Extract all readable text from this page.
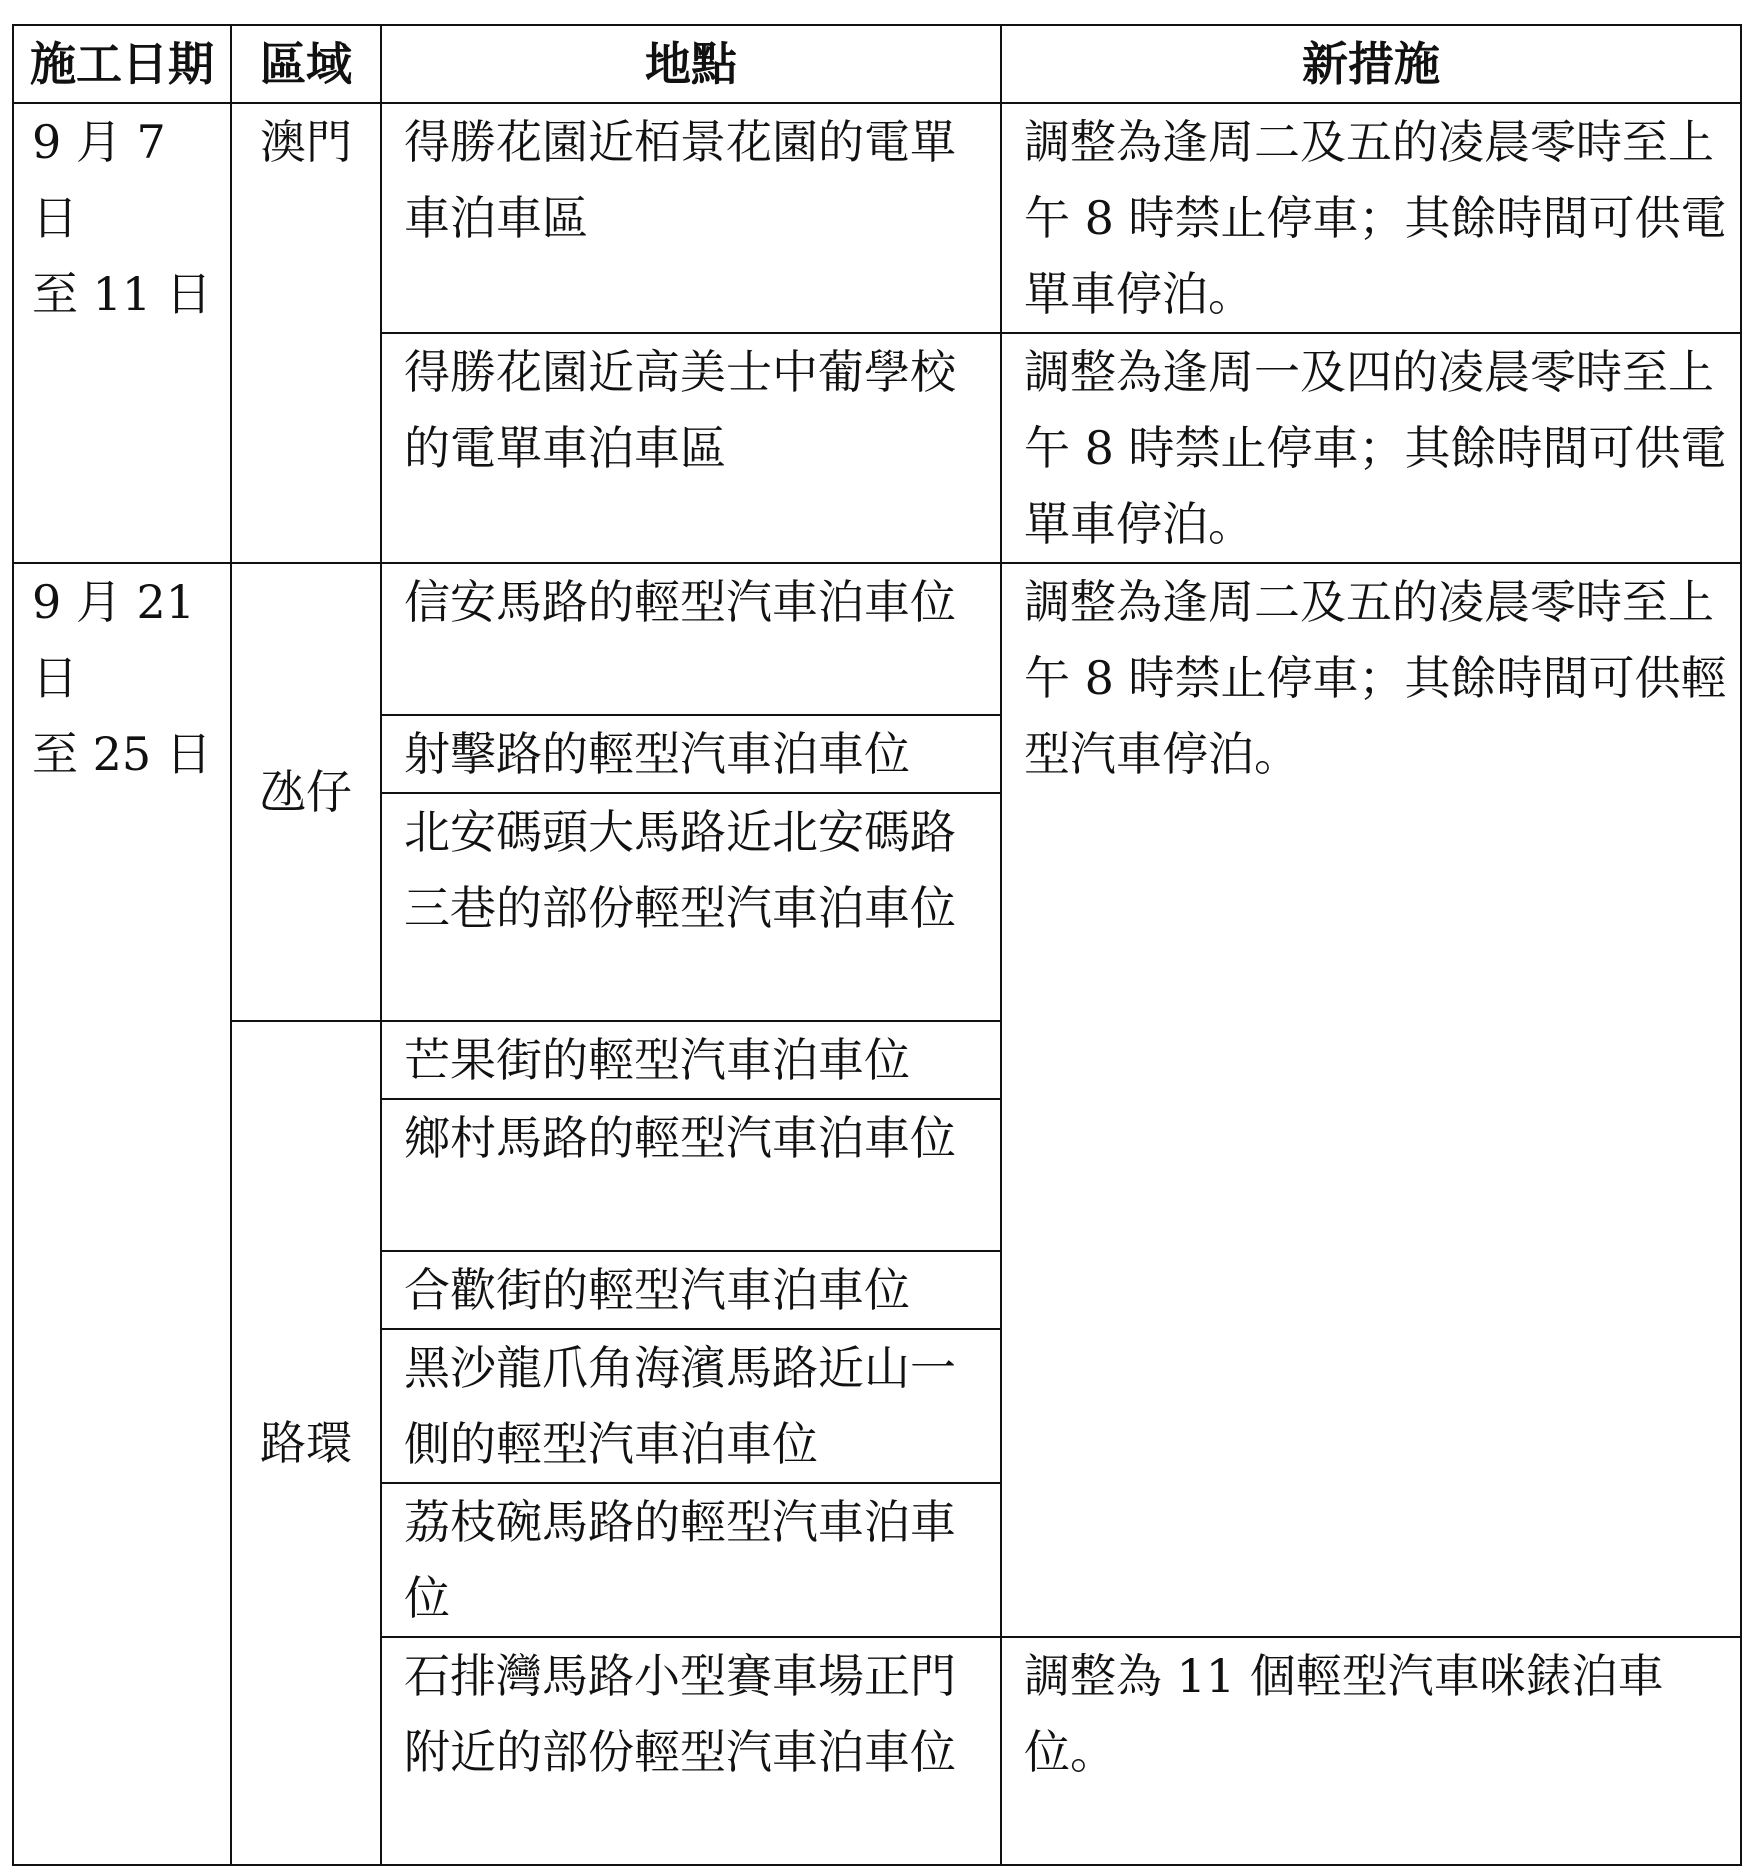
施工日期	區域	地點	新措施

9 月 7 日
至 11 日	澳門	得勝花園近栢景花園的電單車泊車區	調整為逢周二及五的凌晨零時至上午 8 時禁止停車；其餘時間可供電單車停泊。

		得勝花園近高美士中葡學校的電單車泊車區	調整為逢周一及四的凌晨零時至上午 8 時禁止停車；其餘時間可供電單車停泊。

9 月 21 日
至 25 日	氹仔	信安馬路的輕型汽車泊車位	調整為逢周二及五的凌晨零時至上午 8 時禁止停車；其餘時間可供輕型汽車停泊。

		射擊路的輕型汽車泊車位	

		北安碼頭大馬路近北安碼路三巷的部份輕型汽車泊車位	

	路環	芒果街的輕型汽車泊車位	

		鄉村馬路的輕型汽車泊車位	

		合歡街的輕型汽車泊車位	

		黑沙龍爪角海濱馬路近山一側的輕型汽車泊車位	

		荔枝碗馬路的輕型汽車泊車位	

		石排灣馬路小型賽車場正門附近的部份輕型汽車泊車位	調整為 11 個輕型汽車咪錶泊車位。
